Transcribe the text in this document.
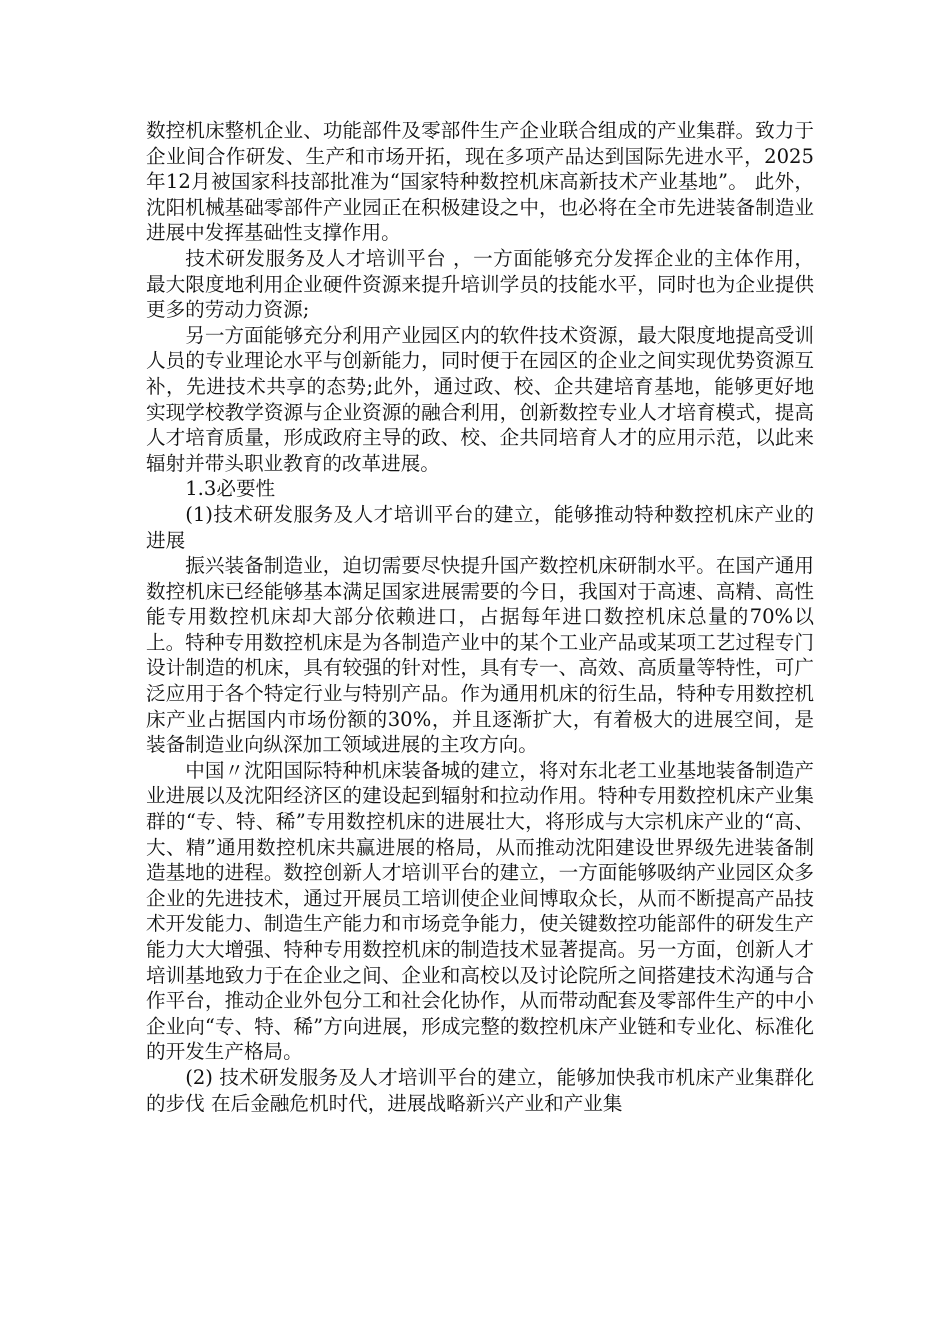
数控机床整机企业、功能部件及零部件生产企业联合组成的产业集群。致力于企业间合作研发、生产和市场开拓，现在多项产品达到国际先进水平，2025年12月被国家科技部批准为“国家特种数控机床高新技术产业基地”。 此外，沈阳机械基础零部件产业园正在积极建设之中，也必将在全市先进装备制造业进展中发挥基础性支撑作用。

技术研发服务及人才培训平台 ，一方面能够充分发挥企业的主体作用，最大限度地利用企业硬件资源来提升培训学员的技能水平，同时也为企业提供更多的劳动力资源;

另一方面能够充分利用产业园区内的软件技术资源，最大限度地提高受训人员的专业理论水平与创新能力，同时便于在园区的企业之间实现优势资源互补，先进技术共享的态势;此外，通过政、校、企共建培育基地，能够更好地实现学校教学资源与企业资源的融合利用，创新数控专业人才培育模式，提高人才培育质量，形成政府主导的政、校、企共同培育人才的应用示范，以此来辐射并带头职业教育的改革进展。

1.3必要性

(1)技术研发服务及人才培训平台的建立，能够推动特种数控机床产业的进展

振兴装备制造业，迫切需要尽快提升国产数控机床研制水平。在国产通用数控机床已经能够基本满足国家进展需要的今日，我国对于高速、高精、高性能专用数控机床却大部分依赖进口，占据每年进口数控机床总量的70%以上。特种专用数控机床是为各制造产业中的某个工业产品或某项工艺过程专门设计制造的机床，具有较强的针对性，具有专一、高效、高质量等特性，可广泛应用于各个特定行业与特别产品。作为通用机床的衍生品，特种专用数控机床产业占据国内市场份额的30%，并且逐渐扩大，有着极大的进展空间，是装备制造业向纵深加工领域进展的主攻方向。

中国〃沈阳国际特种机床装备城的建立，将对东北老工业基地装备制造产业进展以及沈阳经济区的建设起到辐射和拉动作用。特种专用数控机床产业集群的“专、特、稀”专用数控机床的进展壮大，将形成与大宗机床产业的“高、大、精”通用数控机床共赢进展的格局，从而推动沈阳建设世界级先进装备制造基地的进程。数控创新人才培训平台的建立，一方面能够吸纳产业园区众多企业的先进技术，通过开展员工培训使企业间博取众长，从而不断提高产品技术开发能力、制造生产能力和市场竞争能力，使关键数控功能部件的研发生产能力大大增强、特种专用数控机床的制造技术显著提高。另一方面，创新人才培训基地致力于在企业之间、企业和高校以及讨论院所之间搭建技术沟通与合作平台，推动企业外包分工和社会化协作，从而带动配套及零部件生产的中小企业向“专、特、稀”方向进展，形成完整的数控机床产业链和专业化、标准化的开发生产格局。

(2) 技术研发服务及人才培训平台的建立，能够加快我市机床产业集群化的步伐 在后金融危机时代，进展战略新兴产业和产业集
